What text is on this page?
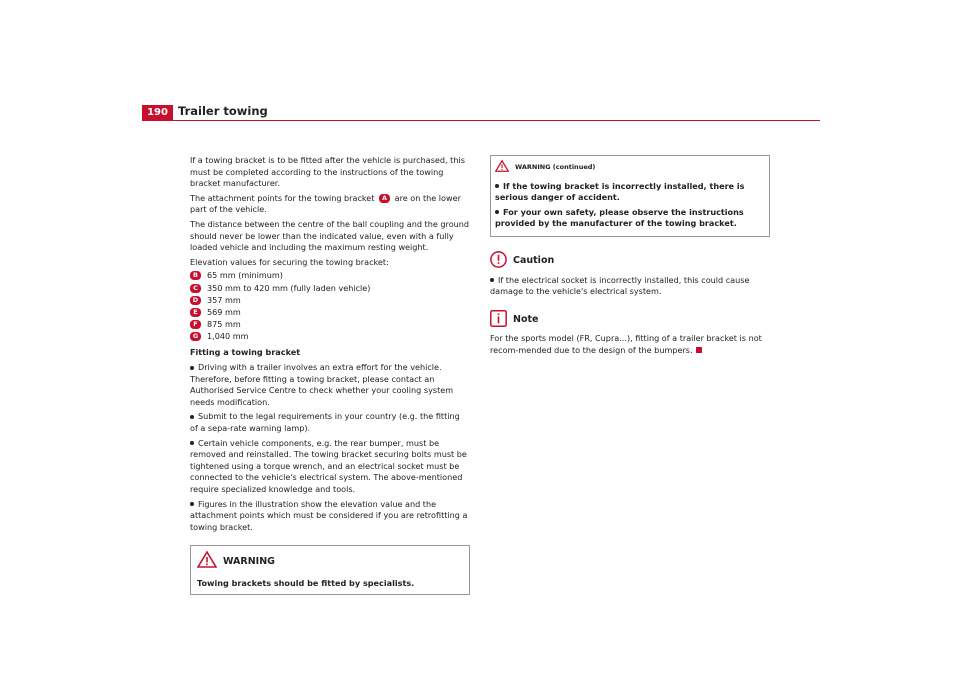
190 Trailer towing

If a towing bracket is to be fitted after the vehicle is purchased, this must be completed according to the instructions of the towing bracket manufacturer.

The attachment points for the towing bracket A are on the lower part of the vehicle.

The distance between the centre of the ball coupling and the ground should never be lower than the indicated value, even with a fully loaded vehicle and including the maximum resting weight.

Elevation values for securing the towing bracket:

B 65 mm (minimum)
C 350 mm to 420 mm (fully laden vehicle)
D 357 mm
E 569 mm
F 875 mm
G 1,040 mm

Fitting a towing bracket

Driving with a trailer involves an extra effort for the vehicle. Therefore, before fitting a towing bracket, please contact an Authorised Service Centre to check whether your cooling system needs modification.

Submit to the legal requirements in your country (e.g. the fitting of a sepa-rate warning lamp).

Certain vehicle components, e.g. the rear bumper, must be removed and reinstalled. The towing bracket securing bolts must be tightened using a torque wrench, and an electrical socket must be connected to the vehicle's electrical system. The above-mentioned require specialized knowledge and tools.

Figures in the illustration show the elevation value and the attachment points which must be considered if you are retrofitting a towing bracket.

WARNING
Towing brackets should be fitted by specialists.
WARNING (continued)

If the towing bracket is incorrectly installed, there is serious danger of accident.

For your own safety, please observe the instructions provided by the manufacturer of the towing bracket.

Caution

If the electrical socket is incorrectly installed, this could cause damage to the vehicle's electrical system.

Note

For the sports model (FR, Cupra...), fitting of a trailer bracket is not recom-mended due to the design of the bumpers.
